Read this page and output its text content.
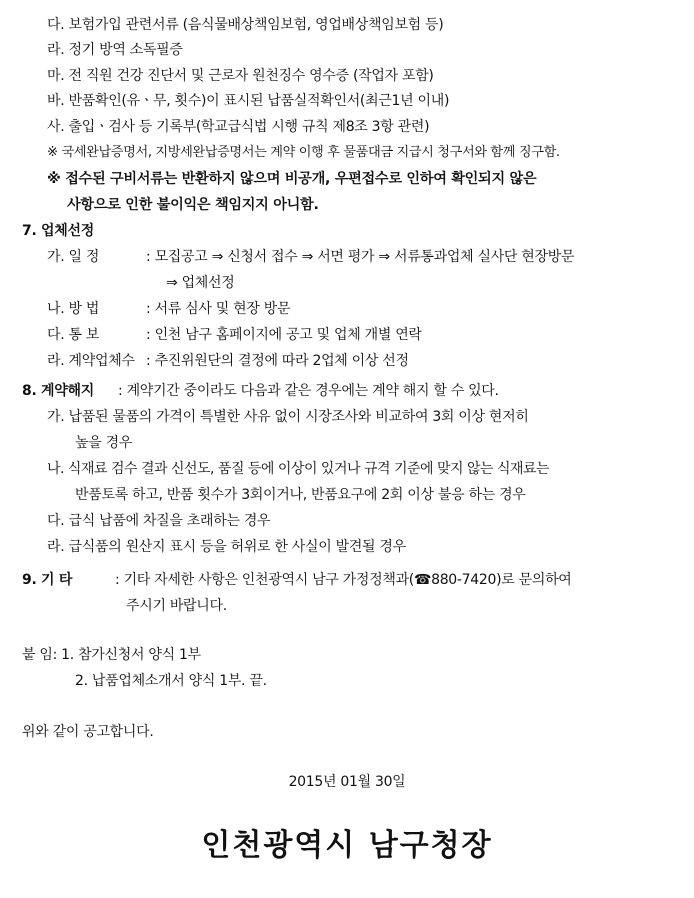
다. 보험가입 관련서류 (음식물배상책임보험, 영업배상책임보험 등)
라. 정기 방역 소독필증
마. 전 직원 건강 진단서 및 근로자 원천징수 영수증 (작업자 포함)
바. 반품확인(유ㆍ무, 횟수)이 표시된 납품실적확인서(최근1년 이내)
사. 출입ㆍ검사 등 기록부(학교급식법 시행 규칙 제8조 3항 관련)
※ 국세완납증명서, 지방세완납증명서는 계약 이행 후 물품대금 지급시 청구서와 함께 징구함.
※ 접수된 구비서류는 반환하지 않으며 비공개, 우편접수로 인하여 확인되지 않은
사항으로 인한 불이익은 책임지지 아니함.
7. 업체선정
가. 일 정	: 모집공고 ⇒ 신청서 접수 ⇒ 서면 평가 ⇒ 서류통과업체 실사단 현장방문
⇒ 업체선정
나. 방 법	: 서류 심사 및 현장 방문
다. 통 보	: 인천 남구 홈페이지에 공고 및 업체 개별 연락
라. 계약업체수 : 추진위원단의 결정에 따라 2업체 이상 선정
8. 계약해지 : 계약기간 중이라도 다음과 같은 경우에는 계약 해지 할 수 있다.
가. 납품된 물품의 가격이 특별한 사유 없이 시장조사와 비교하여 3회 이상 현저히
높을 경우
나. 식재료 검수 결과 신선도, 품질 등에 이상이 있거나 규격 기준에 맞지 않는 식재료는
반품토록 하고, 반품 횟수가 3회이거나, 반품요구에 2회 이상 불응 하는 경우
다. 급식 납품에 차질을 초래하는 경우
라. 급식품의 원산지 표시 등을 허위로 한 사실이 발견될 경우
9. 기 타	: 기타 자세한 사항은 인천광역시 남구 가정정책과(☎880-7420)로 문의하여
주시기 바랍니다.
붙 임: 1. 참가신청서 양식 1부
2. 납품업체소개서 양식 1부. 끝.
위와 같이 공고합니다.
2015년 01월 30일
인천광역시 남구청장
